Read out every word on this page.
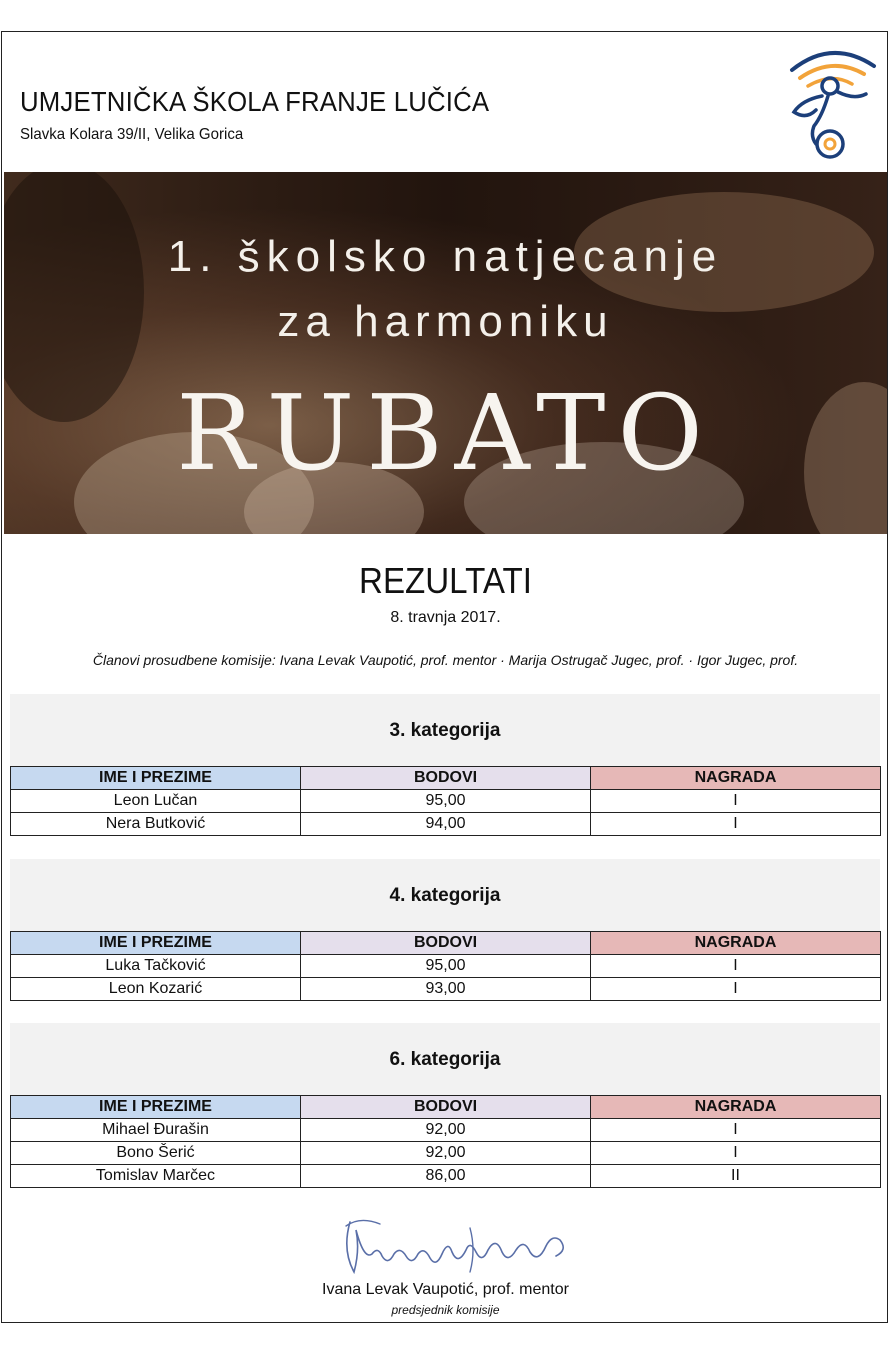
UMJETNIČKA ŠKOLA FRANJE LUČIĆA
Slavka Kolara 39/II, Velika Gorica
1. školsko natjecanje
za harmoniku
RUBATO
REZULTATI
8. travnja 2017.
Članovi prosudbene komisije: Ivana Levak Vaupotić, prof. mentor · Marija Ostrugač Jugec, prof. · Igor Jugec, prof.
3. kategorija
IME I PREZIME	BODOVI	NAGRADA
Leon Lučan	95,00	I
Nera Butković	94,00	I
4. kategorija
IME I PREZIME	BODOVI	NAGRADA
Luka Tačković	95,00	I
Leon Kozarić	93,00	I
6. kategorija
IME I PREZIME	BODOVI	NAGRADA
Mihael Đurašin	92,00	I
Bono Šerić	92,00	I
Tomislav Marčec	86,00	II
Ivana Levak Vaupotić, prof. mentor
predsjednik komisije
